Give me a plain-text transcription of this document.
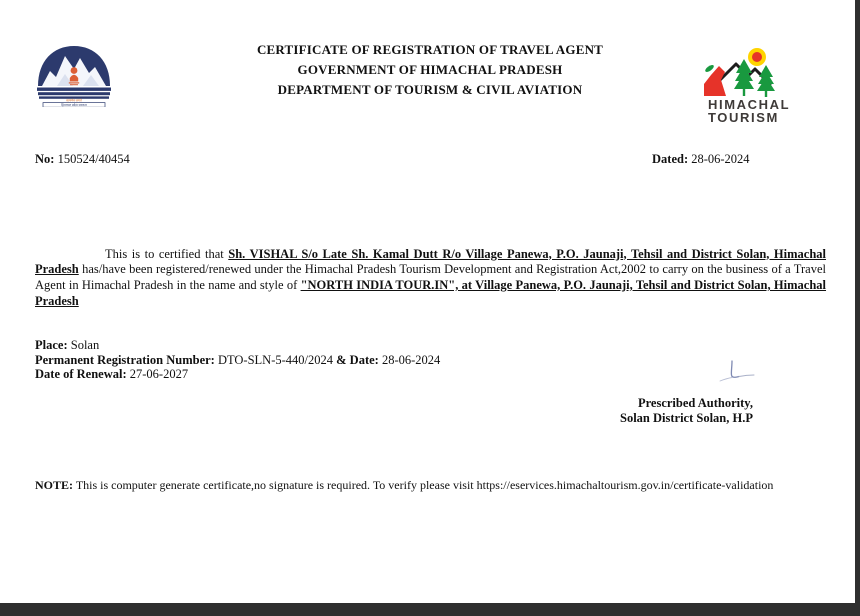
सत्यमेव जयते
हिमाचल प्रदेश सरकार
CERTIFICATE OF REGISTRATION OF TRAVEL AGENT
GOVERNMENT OF HIMACHAL PRADESH
DEPARTMENT OF TOURISM & CIVIL AVIATION
HIMACHAL
TOURISM
No: 150524/40454	Dated: 28-06-2024

This is to certified that Sh. VISHAL S/o Late Sh. Kamal Dutt R/o Village Panewa, P.O. Jaunaji, Tehsil and District Solan, Himachal Pradesh has/have been registered/renewed under the Himachal Pradesh Tourism Development and Registration Act,2002 to carry on the business of a Travel Agent in Himachal Pradesh in the name and style of "NORTH INDIA TOUR.IN", at Village Panewa, P.O. Jaunaji, Tehsil and District Solan, Himachal Pradesh

Place: Solan
Permanent Registration Number: DTO-SLN-5-440/2024 & Date: 28-06-2024
Date of Renewal: 27-06-2027
Prescribed Authority,
Solan District Solan, H.P
NOTE: This is computer generate certificate,no signature is required. To verify please visit https://eservices.himachaltourism.gov.in/certificate-validation
